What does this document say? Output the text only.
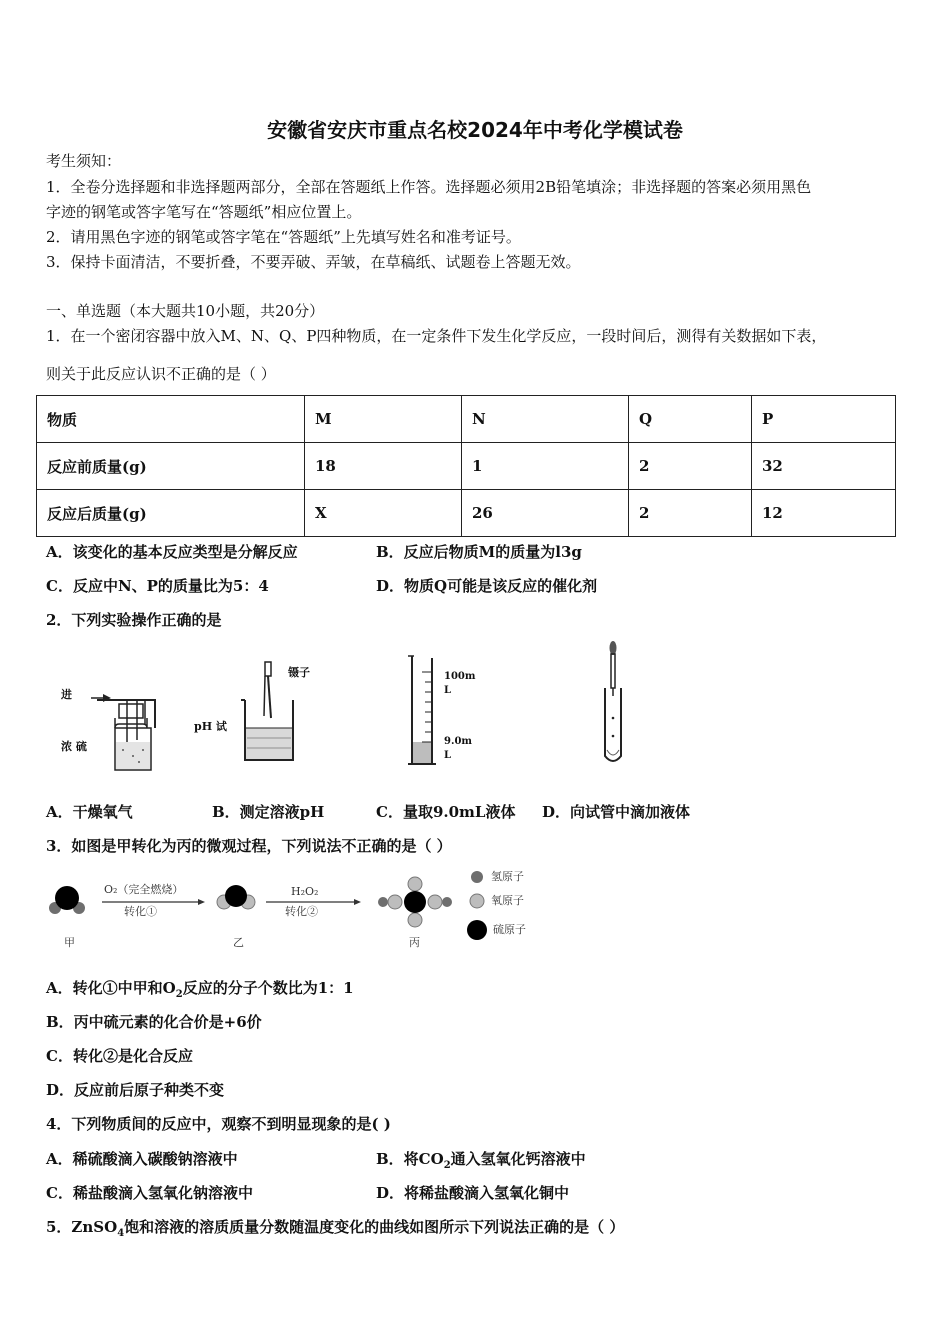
安徽省安庆市重点名校2024年中考化学模试卷
考生须知：
1．全卷分选择题和非选择题两部分，全部在答题纸上作答。选择题必须用2B铅笔填涂；非选择题的答案必须用黑色
字迹的钢笔或答字笔写在“答题纸”相应位置上。
2．请用黑色字迹的钢笔或答字笔在“答题纸”上先填写姓名和准考证号。
3．保持卡面清洁，不要折叠，不要弄破、弄皱，在草稿纸、试题卷上答题无效。
一、单选题（本大题共10小题，共20分）
1．在一个密闭容器中放入M、N、Q、P四种物质，在一定条件下发生化学反应，一段时间后，测得有关数据如下表，
则关于此反应认识不正确的是（ ）
物质	M	N	Q	P
反应前质量(g)	18	1	2	32
反应后质量(g)	X	26	2	12
A．该变化的基本反应类型是分解反应	B．反应后物质M的质量为l3g
C．反应中N、P的质量比为5：4	D．物质Q可能是该反应的催化剂
2．下列实验操作正确的是
进
浓 硫
镊子
pH 试
100m
L
9.0m
L
A．干燥氧气	B．测定溶液pH	C．量取9.0mL液体 D．向试管中滴加液体
3．如图是甲转化为丙的微观过程，下列说法不正确的是（ ）
O₂（完全燃烧）
转化①
H₂O₂
转化②
甲	乙	丙
氢原子
氧原子
硫原子
A．转化①中甲和$O_2$反应的分子个数比为1：1
B．丙中硫元素的化合价是+6价
C．转化②是化合反应
D．反应前后原子种类不变
4．下列物质间的反应中，观察不到明显现象的是( )
A．稀硫酸滴入碳酸钠溶液中	B．将$CO_2$通入氢氧化钙溶液中
C．稀盐酸滴入氢氧化钠溶液中	D．将稀盐酸滴入氢氧化铜中
5．ZnSO$_4$饱和溶液的溶质质量分数随温度变化的曲线如图所示下列说法正确的是（ ）
